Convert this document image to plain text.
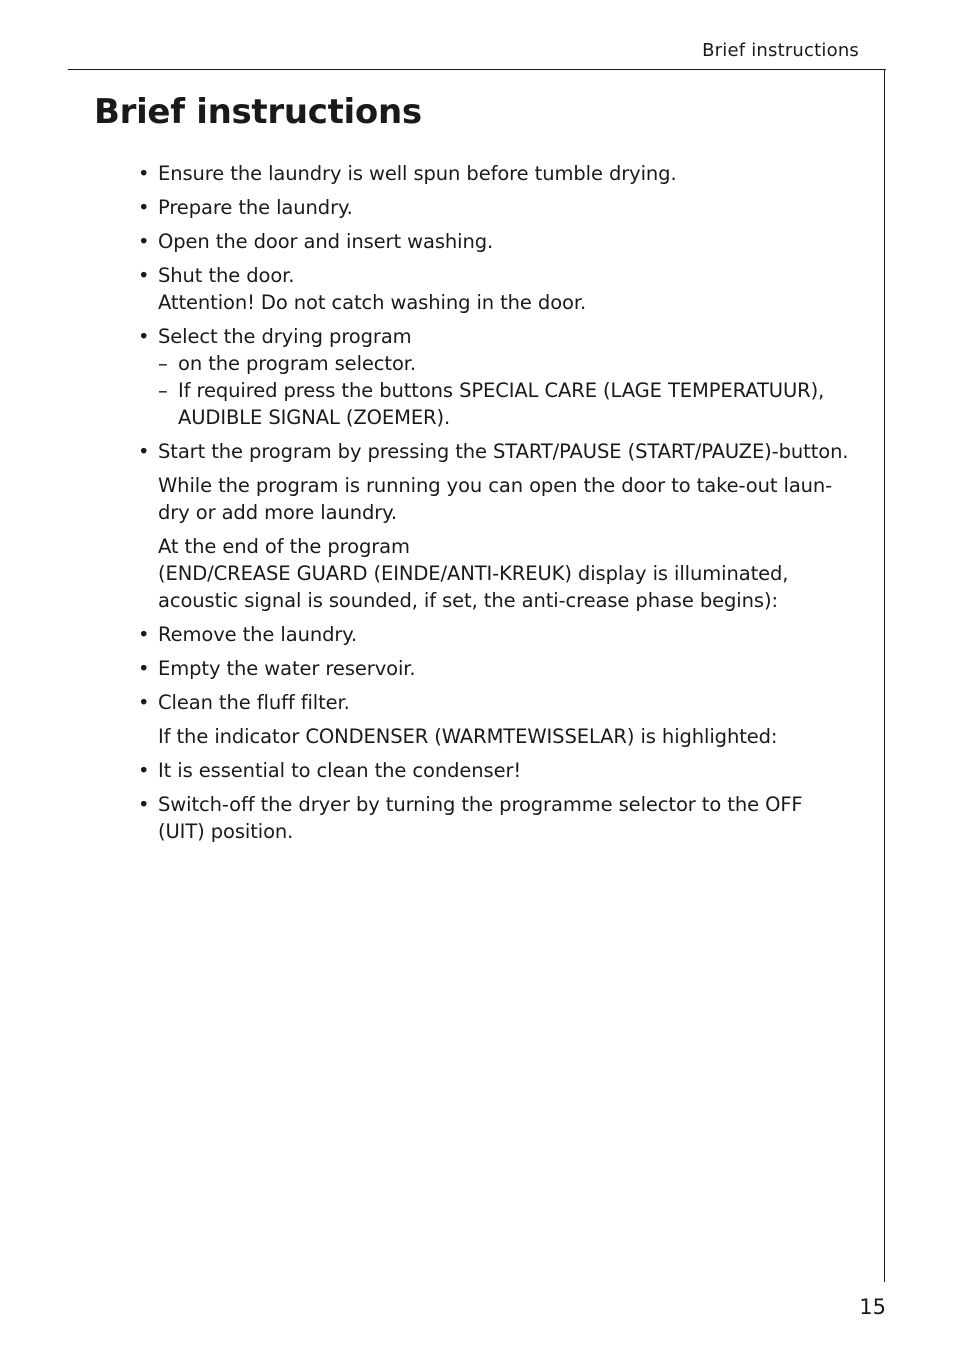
Brief instructions
Brief instructions
• Ensure the laundry is well spun before tumble drying.
• Prepare the laundry.
• Open the door and insert washing.
• Shut the door.
Attention! Do not catch washing in the door.
• Select the drying program
– on the program selector.
– If required press the buttons SPECIAL CARE (LAGE TEMPERATUUR),
AUDIBLE SIGNAL (ZOEMER).
• Start the program by pressing the START/PAUSE (START/PAUZE)-button.
While the program is running you can open the door to take-out laun-
dry or add more laundry.
At the end of the program
(END/CREASE GUARD (EINDE/ANTI-KREUK) display is illuminated,
acoustic signal is sounded, if set, the anti-crease phase begins):
• Remove the laundry.
• Empty the water reservoir.
• Clean the fluff filter.
If the indicator CONDENSER (WARMTEWISSELAR) is highlighted:
• It is essential to clean the condenser!
• Switch-off the dryer by turning the programme selector to the OFF
(UIT) position.
15
